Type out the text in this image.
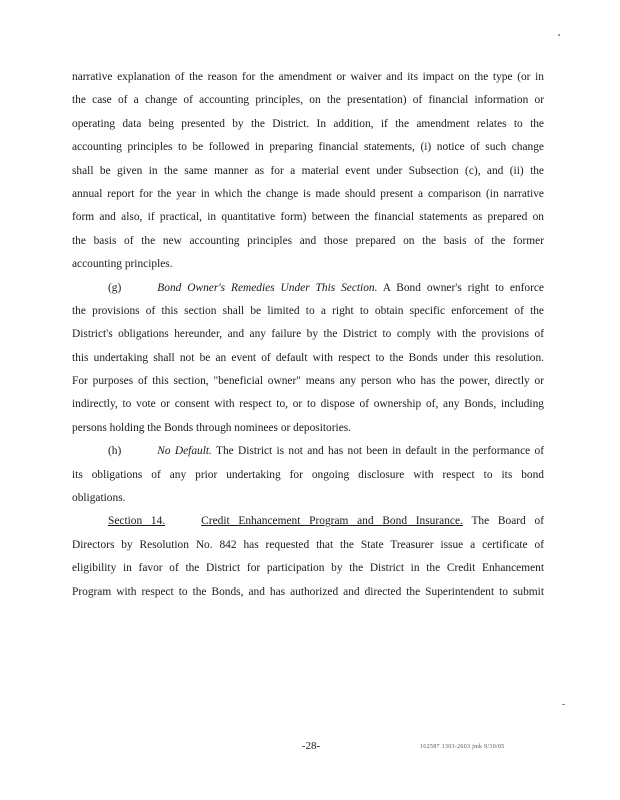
narrative explanation of the reason for the amendment or waiver and its impact on the type (or in
the case of a change of accounting principles, on the presentation) of financial information or
operating data being presented by the District. In addition, if the amendment relates to the
accounting principles to be followed in preparing financial statements, (i) notice of such change
shall be given in the same manner as for a material event under Subsection (c), and (ii) the
annual report for the year in which the change is made should present a comparison (in narrative
form and also, if practical, in quantitative form) between the financial statements as prepared on
the basis of the new accounting principles and those prepared on the basis of the former
accounting principles.
(g)	Bond Owner's Remedies Under This Section. A Bond owner's right to enforce
the provisions of this section shall be limited to a right to obtain specific enforcement of the
District's obligations hereunder, and any failure by the District to comply with the provisions of
this undertaking shall not be an event of default with respect to the Bonds under this resolution.
For purposes of this section, "beneficial owner" means any person who has the power, directly or
indirectly, to vote or consent with respect to, or to dispose of ownership of, any Bonds, including
persons holding the Bonds through nominees or depositories.
(h)	No Default. The District is not and has not been in default in the performance of
its obligations of any prior undertaking for ongoing disclosure with respect to its bond
obligations.
Section 14.	Credit Enhancement Program and Bond Insurance. The Board of
Directors by Resolution No. 842 has requested that the State Treasurer issue a certificate of
eligibility in favor of the District for participation by the District in the Credit Enhancement
Program with respect to the Bonds, and has authorized and directed the Superintendent to submit
-28-	162587 1303-2603 jmk 9/30/05
